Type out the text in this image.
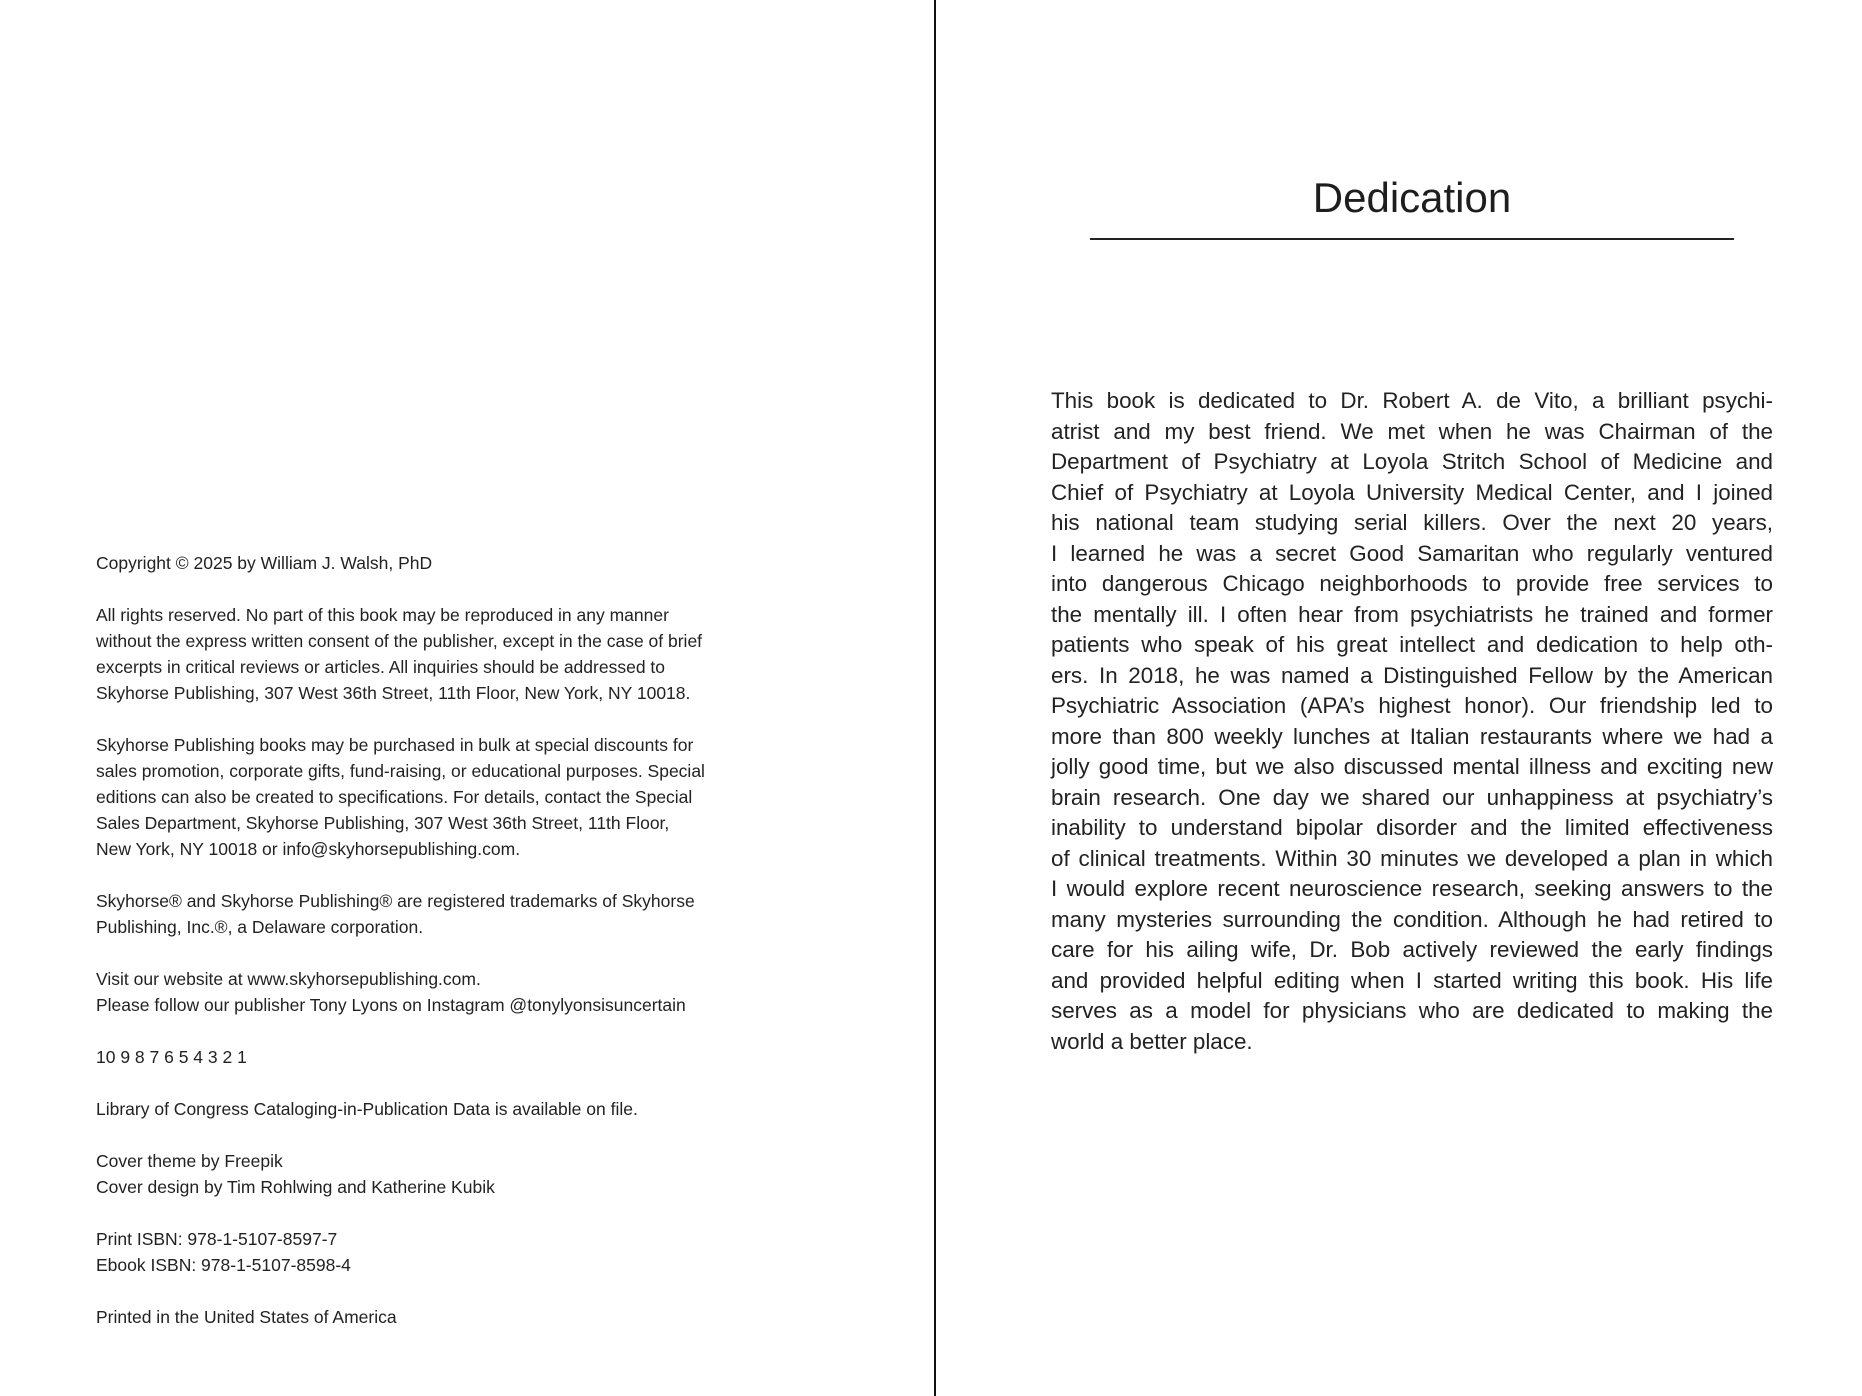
Copyright © 2025 by William J. Walsh, PhD
All rights reserved. No part of this book may be reproduced in any manner
without the express written consent of the publisher, except in the case of brief
excerpts in critical reviews or articles. All inquiries should be addressed to
Skyhorse Publishing, 307 West 36th Street, 11th Floor, New York, NY 10018.
Skyhorse Publishing books may be purchased in bulk at special discounts for
sales promotion, corporate gifts, fund-raising, or educational purposes. Special
editions can also be created to specifications. For details, contact the Special
Sales Department, Skyhorse Publishing, 307 West 36th Street, 11th Floor,
New York, NY 10018 or info@skyhorsepublishing.com.
Skyhorse® and Skyhorse Publishing® are registered trademarks of Skyhorse
Publishing, Inc.®, a Delaware corporation.
Visit our website at www.skyhorsepublishing.com.
Please follow our publisher Tony Lyons on Instagram @tonylyonsisuncertain
10 9 8 7 6 5 4 3 2 1
Library of Congress Cataloging-in-Publication Data is available on file.
Cover theme by Freepik
Cover design by Tim Rohlwing and Katherine Kubik
Print ISBN: 978-1-5107-8597-7
Ebook ISBN: 978-1-5107-8598-4
Printed in the United States of America
Dedication
This book is dedicated to Dr. Robert A. de Vito, a brilliant psychi-
atrist and my best friend. We met when he was Chairman of the
Department of Psychiatry at Loyola Stritch School of Medicine and
Chief of Psychiatry at Loyola University Medical Center, and I joined
his national team studying serial killers. Over the next 20 years,
I learned he was a secret Good Samaritan who regularly ventured
into dangerous Chicago neighborhoods to provide free services to
the mentally ill. I often hear from psychiatrists he trained and former
patients who speak of his great intellect and dedication to help oth-
ers. In 2018, he was named a Distinguished Fellow by the American
Psychiatric Association (APA’s highest honor). Our friendship led to
more than 800 weekly lunches at Italian restaurants where we had a
jolly good time, but we also discussed mental illness and exciting new
brain research. One day we shared our unhappiness at psychiatry’s
inability to understand bipolar disorder and the limited effectiveness
of clinical treatments. Within 30 minutes we developed a plan in which
I would explore recent neuroscience research, seeking answers to the
many mysteries surrounding the condition. Although he had retired to
care for his ailing wife, Dr. Bob actively reviewed the early findings
and provided helpful editing when I started writing this book. His life
serves as a model for physicians who are dedicated to making the
world a better place.
